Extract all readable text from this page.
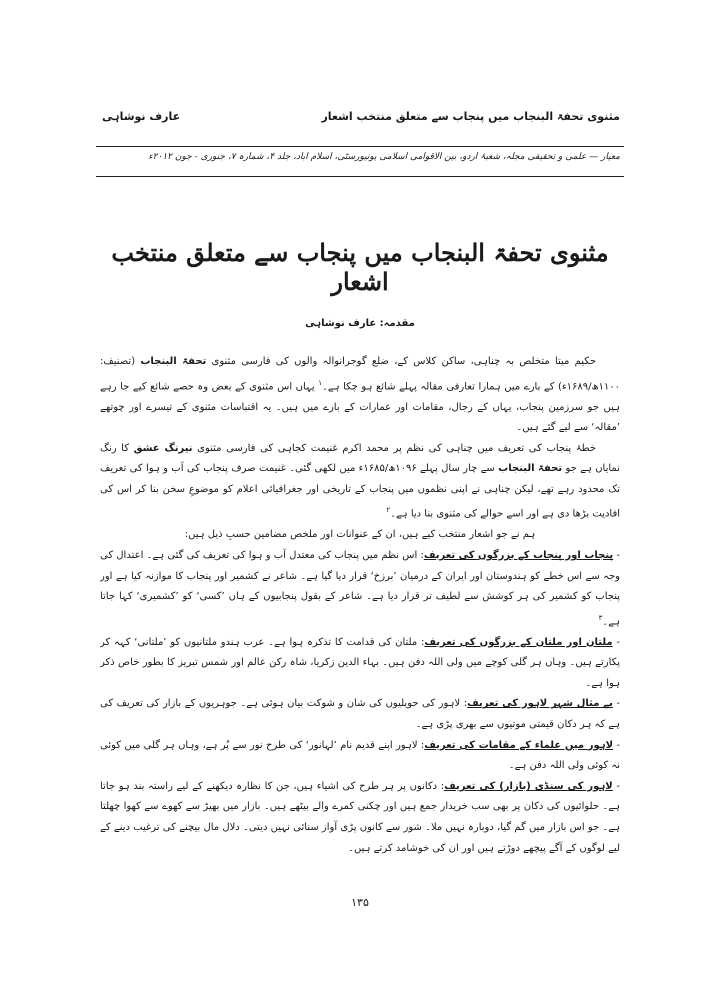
مثنوی تحفۃ البنجاب میں پنجاب سے متعلق منتخب اشعار
عارف نوشاہی
معیار — علمی و تحقیقی مجلہ، شعبۂ اُردو، بین الاقوامی اسلامی یونیورسٹی، اسلام آباد، جلد ۴، شمارہ ۷، جنوری - جون ۲۰۱۲ء
مثنوی تحفۃ البنجاب میں پنجاب سے متعلق منتخب اشعار
مقدمہ: عارف نوشاہی

حکیم میتا متخلص بہ چناہی، ساکن کلاس کے، ضلع گوجرانوالہ والوں کی فارسی مثنوی تحفۃ البنجاب (تصنیف: ۱۱۰۰ھ/۱۶۸۹ء) کے بارے میں ہمارا تعارفی مقالہ پہلے شائع ہو چکا ہے۔$^۱$ یہاں اس مثنوی کے بعض وہ حصے شائع کیے جا رہے ہیں جو سرزمین پنجاب، یہاں کے رجال، مقامات اور عمارات کے بارے میں ہیں۔ یہ اقتباسات مثنوی کے تیسرے اور چوتھے ’مقالہ‘ سے لیے گئے ہیں۔

خطۂ پنجاب کی تعریف میں چناہی کی نظم پر محمد اکرم غنیمت کجاہی کی فارسی مثنوی نیرنگ عشق کا رنگ نمایاں ہے جو تحفۃ البنجاب سے چار سال پہلے ۱۰۹۶ھ/۱۶۸۵ء میں لکھی گئی۔ غنیمت صرف پنجاب کی آب و ہوا کی تعریف تک محدود رہے تھے، لیکن چناہی نے اپنی نظموں میں پنجاب کے تاریخی اور جغرافیائی اعلام کو موضوعِ سخن بنا کر اس کی افادیت بڑھا دی ہے اور اسے حوالے کی مثنوی بنا دیا ہے۔$^۲$

ہم نے جو اشعار منتخب کیے ہیں، ان کے عنوانات اور ملخص مضامین حسبِ ذیل ہیں:

- پنجاب اور پنجاب کے بزرگوں کی تعریف: اس نظم میں پنجاب کی معتدل آب و ہوا کی تعریف کی گئی ہے۔ اعتدال کی وجہ سے اس خطے کو ہندوستان اور ایران کے درمیان ’برزخ‘ قرار دیا گیا ہے۔ شاعر نے کشمیر اور پنجاب کا موازنہ کیا ہے اور پنجاب کو کشمیر کی ہر کوشش سے لطیف تر قرار دیا ہے۔ شاعر کے بقول پنجابیوں کے ہاں ’کسی‘ کو ’کشمیری‘ کہا جاتا ہے۔$^۳$

- ملتان اور ملتان کے بزرگوں کی تعریف: ملتان کی قدامت کا تذکرہ ہوا ہے۔ عرب ہندو ملتانیوں کو ’ملتانی‘ کہہ کر پکارتے ہیں۔ وہاں ہر گلی کوچے میں ولی اللہ دفن ہیں۔ بہاء الدین زکریا، شاہ رکن عالم اور شمس تبریز کا بطور خاص ذکر ہوا ہے۔

- بے مثال شہر لاہور کی تعریف: لاہور کی حویلیوں کی شان و شوکت بیان ہوئی ہے۔ جوہریوں کے بازار کی تعریف کی ہے کہ ہر دکان قیمتی موتیوں سے بھری پڑی ہے۔

- لاہور میں علماء کے مقامات کی تعریف: لاہور اپنے قدیم نام ’لہانور‘ کی طرح نور سے پُر ہے، وہاں ہر گلی میں کوئی نہ کوئی ولی اللہ دفن ہے۔

- لاہور کی سنڈی (بازار) کی تعریف: دکانوں پر ہر طرح کی اشیاء ہیں، جن کا نظارہ دیکھنے کے لیے راستہ بند ہو جاتا ہے۔ حلوائیوں کی دکان پر بھی سب خریدار جمع ہیں اور چکنی کمرے والے بیٹھے ہیں۔ بازار میں بھیڑ سے کھوے سے کھوا چھلتا ہے۔ جو اس بازار میں گم گیا، دوبارہ نہیں ملا۔ شور سے کانوں پڑی آواز سنائی نہیں دیتی۔ دلال مال بیچنے کی ترغیب دینے کے لیے لوگوں کے آگے پیچھے دوڑتے ہیں اور ان کی خوشامد کرتے ہیں۔

۱۳۵
